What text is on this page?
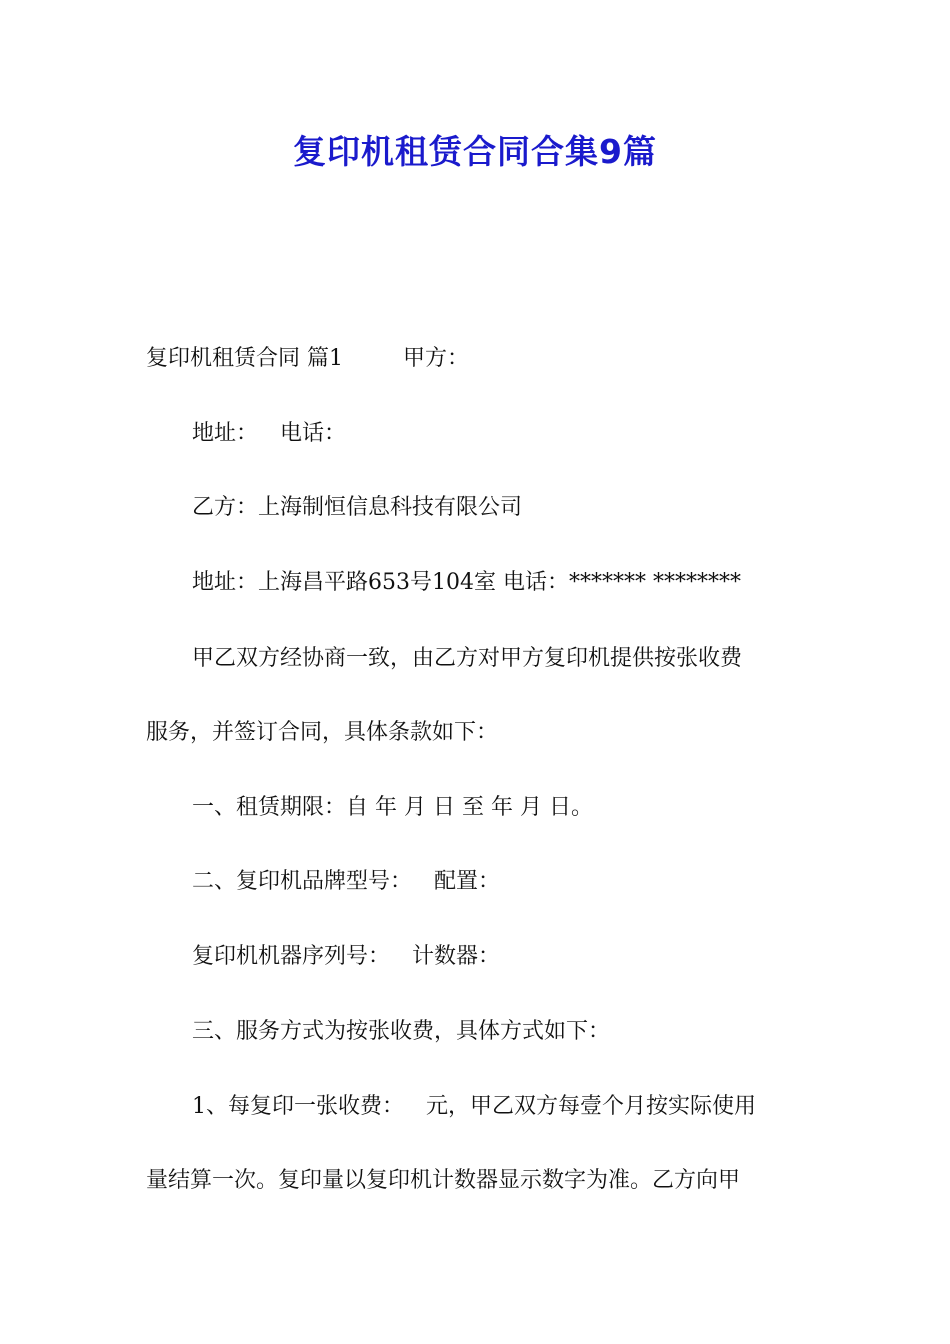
复印机租赁合同合集9篇

复印机租赁合同 篇1	甲方：

地址： 电话：

乙方：上海制恒信息科技有限公司

地址：上海昌平路653号104室 电话：******* ********

甲乙双方经协商一致，由乙方对甲方复印机提供按张收费

服务，并签订合同，具体条款如下：

一、租赁期限：自 年 月 日 至 年 月 日。

二、复印机品牌型号： 配置：

复印机机器序列号： 计数器：

三、服务方式为按张收费，具体方式如下：

1、每复印一张收费： 元，甲乙双方每壹个月按实际使用

量结算一次。复印量以复印机计数器显示数字为准。乙方向甲
